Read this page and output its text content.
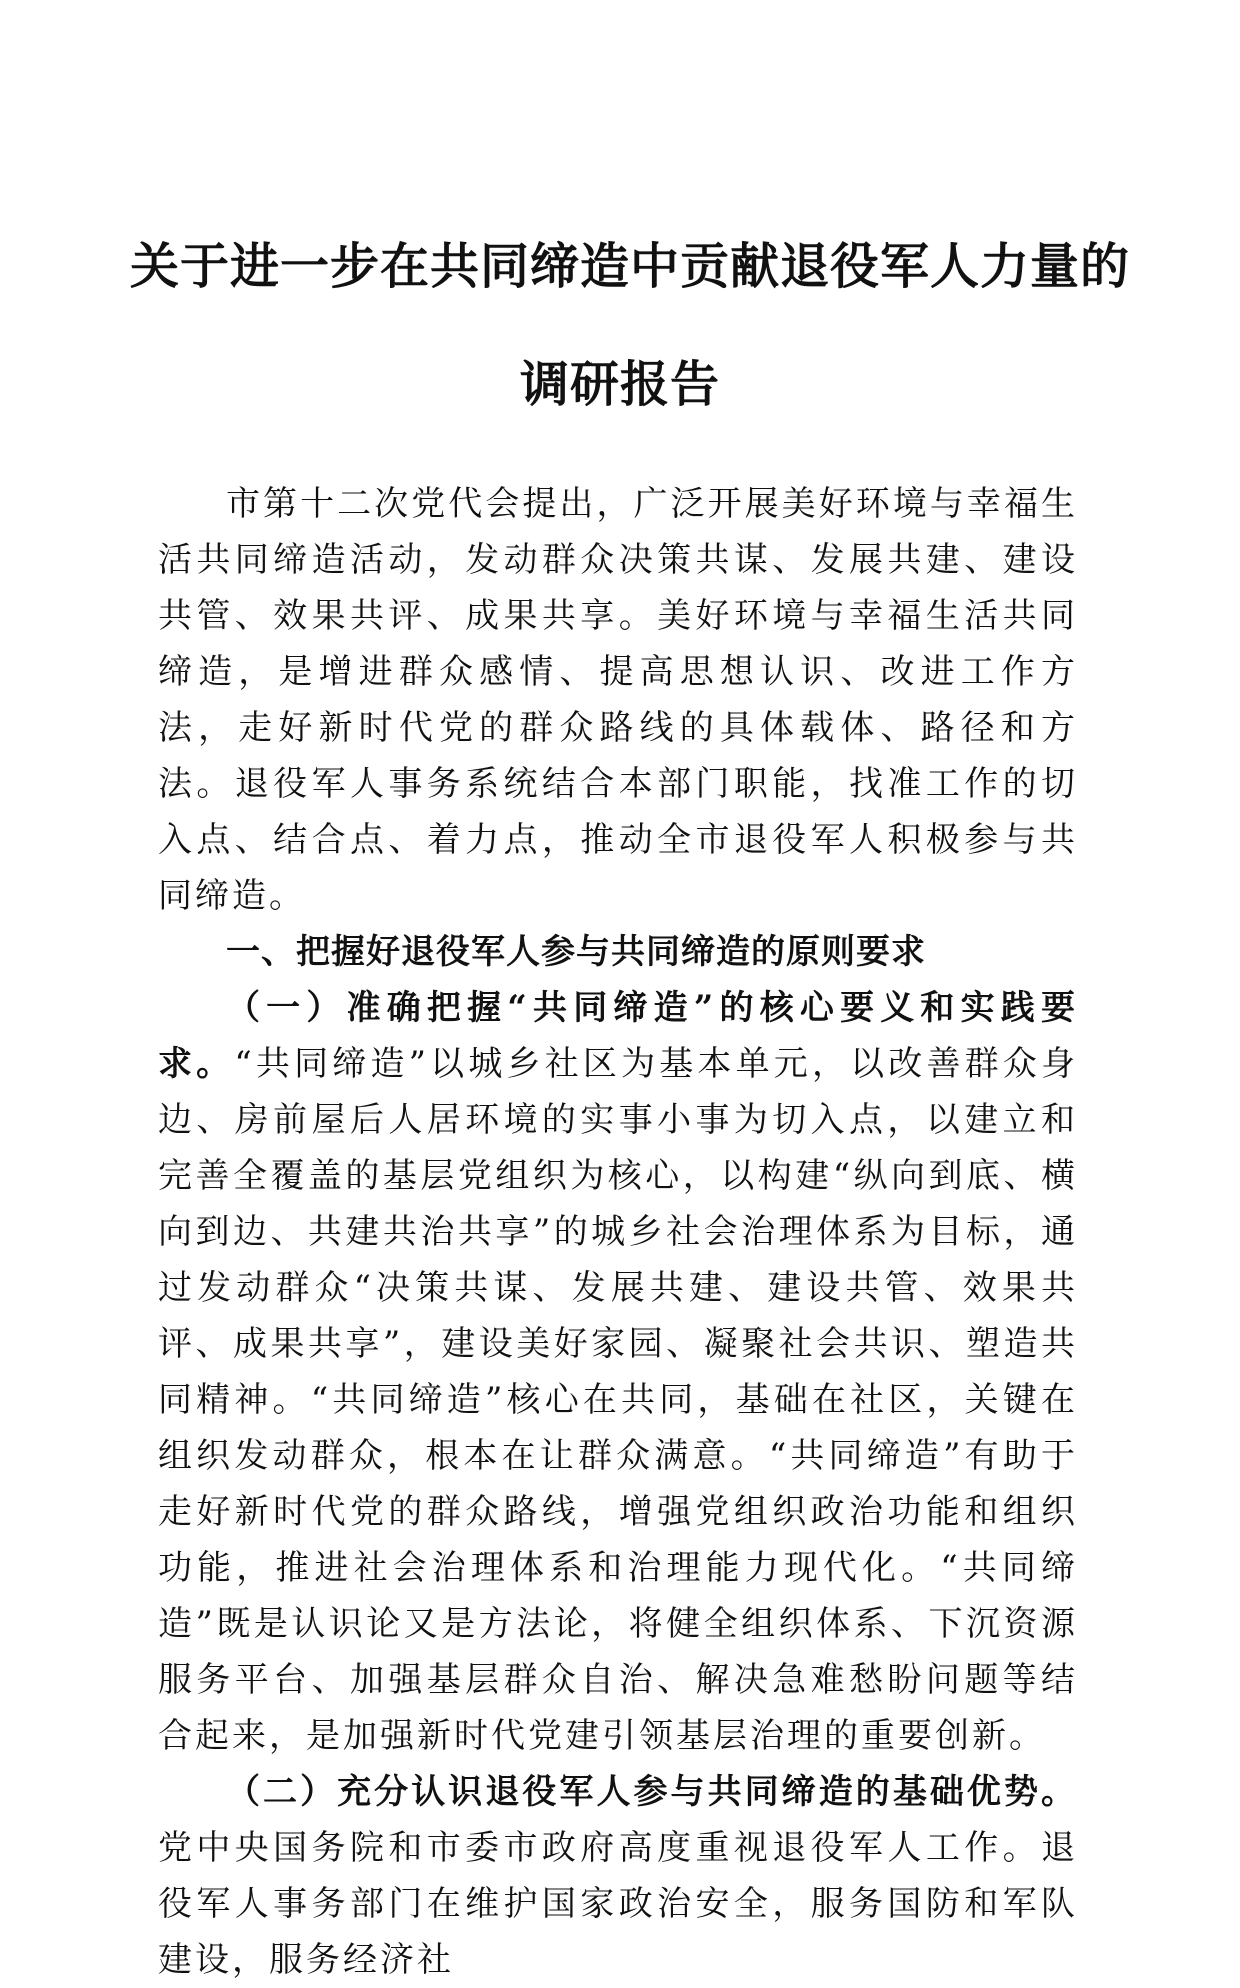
关于进一步在共同缔造中贡献退役军人力量的
调研报告

市第十二次党代会提出，广泛开展美好环境与幸福生活共同缔造活动，发动群众决策共谋、发展共建、建设共管、效果共评、成果共享。美好环境与幸福生活共同缔造，是增进群众感情、提高思想认识、改进工作方法，走好新时代党的群众路线的具体载体、路径和方法。退役军人事务系统结合本部门职能，找准工作的切入点、结合点、着力点，推动全市退役军人积极参与共同缔造。

一、把握好退役军人参与共同缔造的原则要求

（一）准确把握“共同缔造”的核心要义和实践要求。“共同缔造”以城乡社区为基本单元，以改善群众身边、房前屋后人居环境的实事小事为切入点，以建立和完善全覆盖的基层党组织为核心，以构建“纵向到底、横向到边、共建共治共享”的城乡社会治理体系为目标，通过发动群众“决策共谋、发展共建、建设共管、效果共评、成果共享”，建设美好家园、凝聚社会共识、塑造共同精神。“共同缔造”核心在共同，基础在社区，关键在组织发动群众，根本在让群众满意。“共同缔造”有助于走好新时代党的群众路线，增强党组织政治功能和组织功能，推进社会治理体系和治理能力现代化。“共同缔造”既是认识论又是方法论，将健全组织体系、下沉资源服务平台、加强基层群众自治、解决急难愁盼问题等结合起来，是加强新时代党建引领基层治理的重要创新。

（二）充分认识退役军人参与共同缔造的基础优势。党中央国务院和市委市政府高度重视退役军人工作。退役军人事务部门在维护国家政治安全，服务国防和军队建设，服务经济社
